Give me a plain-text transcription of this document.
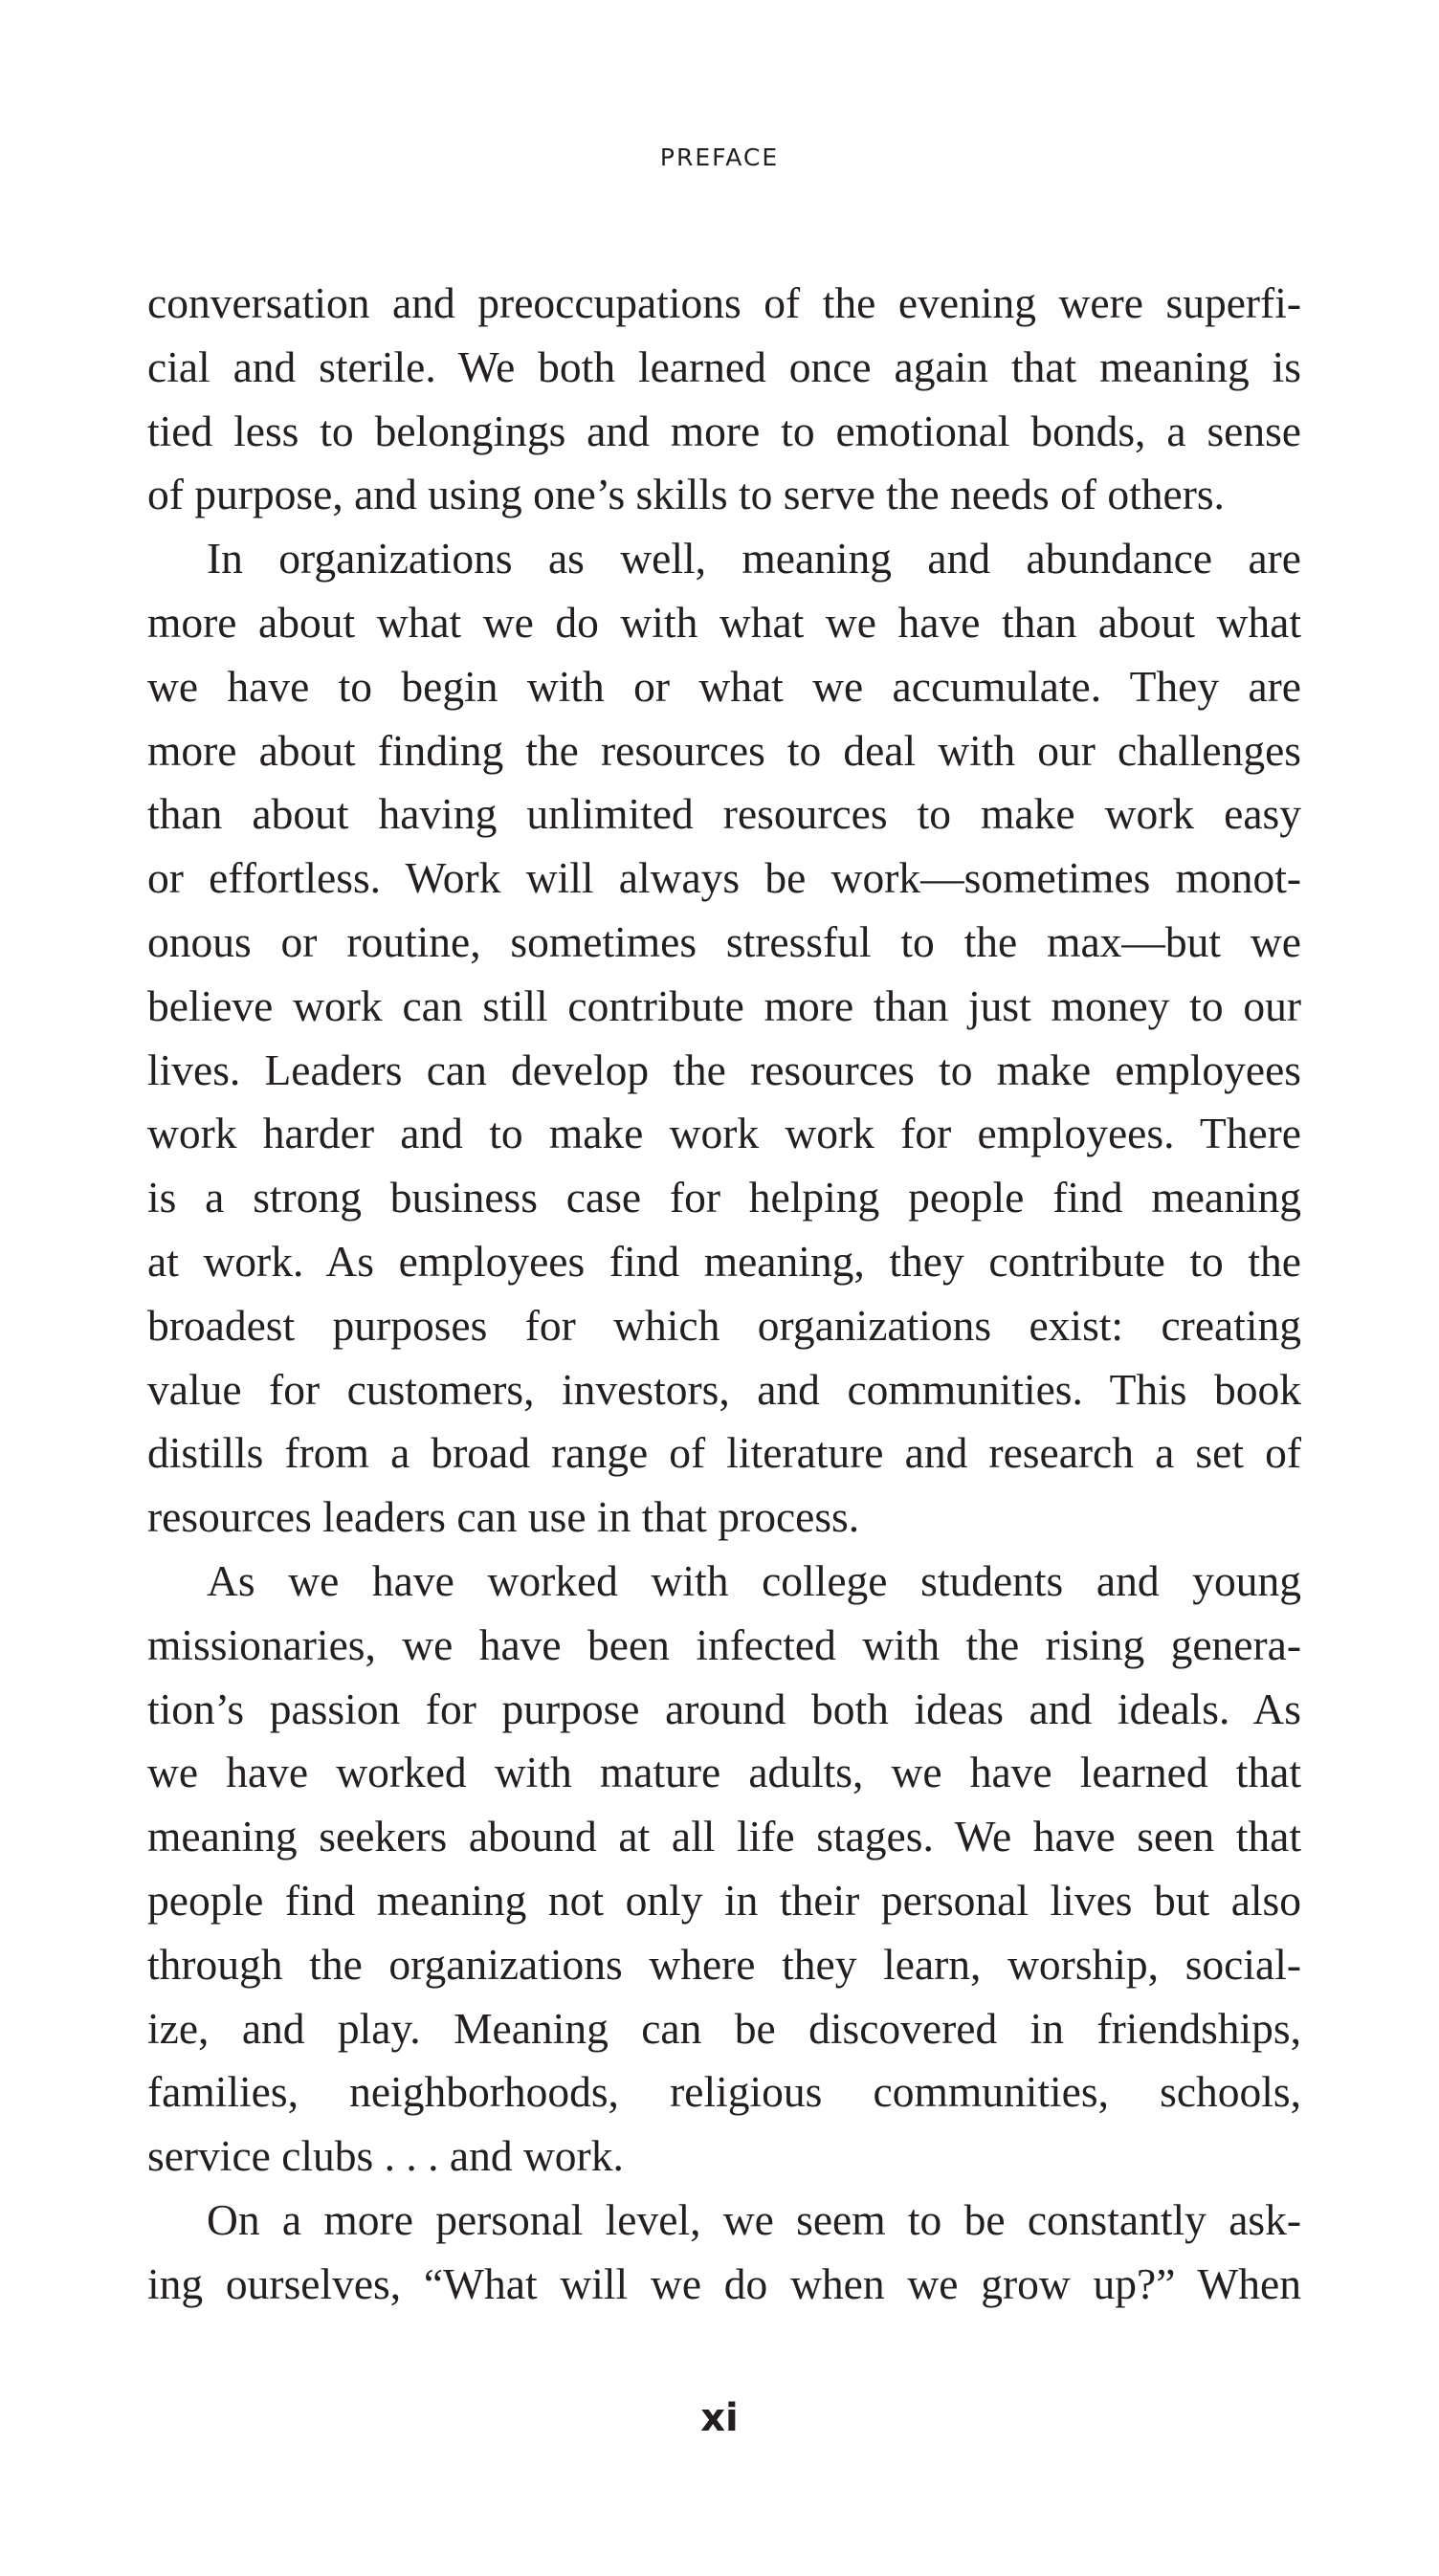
PREFACE
conversation and preoccupations of the evening were superfi-
cial and sterile. We both learned once again that meaning is
tied less to belongings and more to emotional bonds, a sense
of purpose, and using one’s skills to serve the needs of others.
In organizations as well, meaning and abundance are
more about what we do with what we have than about what
we have to begin with or what we accumulate. They are
more about finding the resources to deal with our challenges
than about having unlimited resources to make work easy
or effortless. Work will always be work—sometimes monot-
onous or routine, sometimes stressful to the max—but we
believe work can still contribute more than just money to our
lives. Leaders can develop the resources to make employees
work harder and to make work work for employees. There
is a strong business case for helping people find meaning
at work. As employees find meaning, they contribute to the
broadest purposes for which organizations exist: creating
value for customers, investors, and communities. This book
distills from a broad range of literature and research a set of
resources leaders can use in that process.
As we have worked with college students and young
missionaries, we have been infected with the rising genera-
tion’s passion for purpose around both ideas and ideals. As
we have worked with mature adults, we have learned that
meaning seekers abound at all life stages. We have seen that
people find meaning not only in their personal lives but also
through the organizations where they learn, worship, social-
ize, and play. Meaning can be discovered in friendships,
families, neighborhoods, religious communities, schools,
service clubs . . . and work.
On a more personal level, we seem to be constantly ask-
ing ourselves, “What will we do when we grow up?” When
xi
